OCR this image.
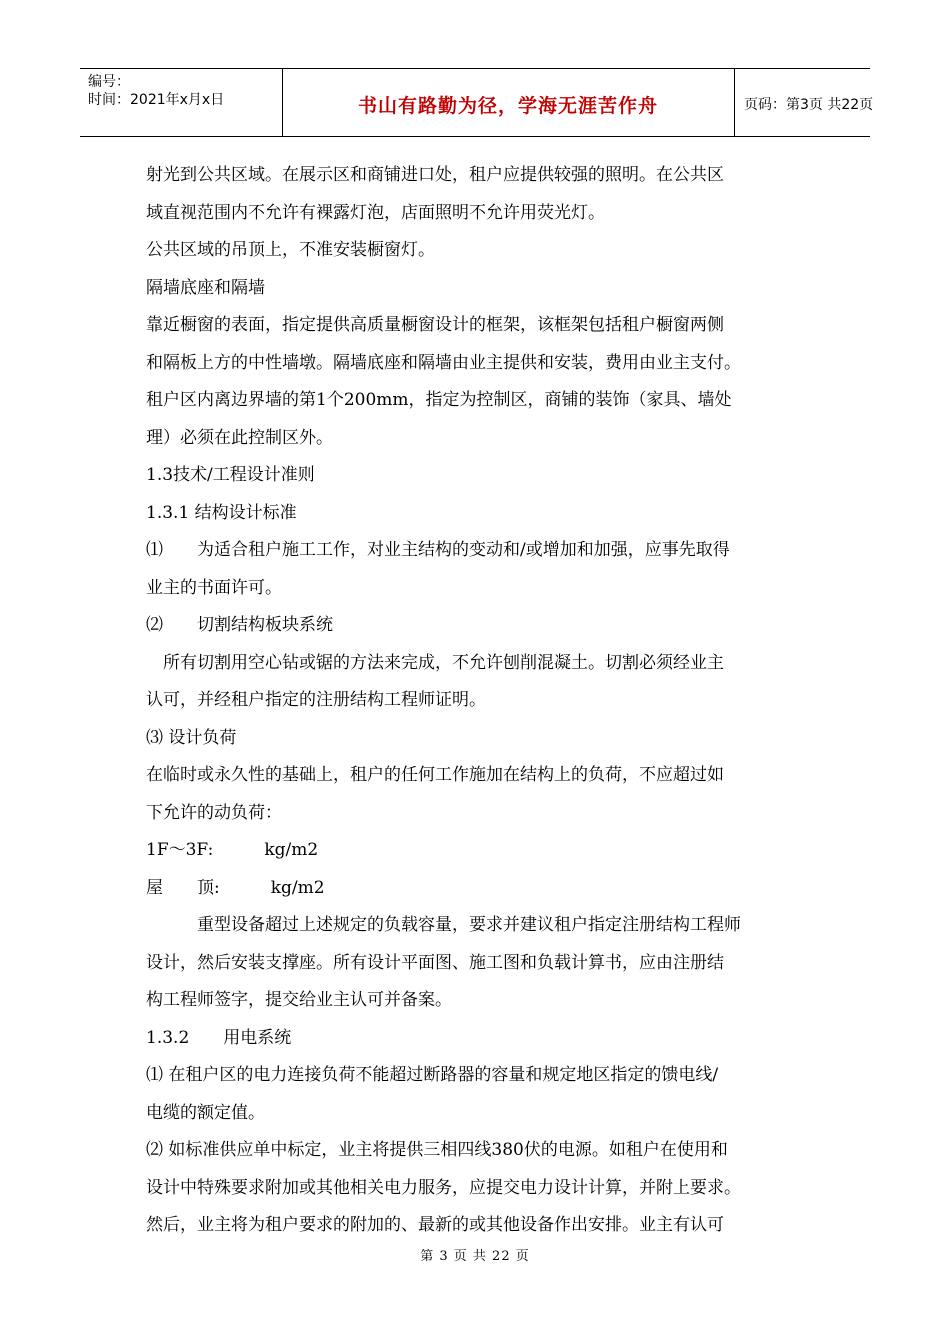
编号：
时间：2021年x月x日	书山有路勤为径，学海无涯苦作舟	页码：第3页 共22页
射光到公共区域。在展示区和商铺进口处，租户应提供较强的照明。在公共区
域直视范围内不允许有裸露灯泡，店面照明不允许用荧光灯。
公共区域的吊顶上，不准安装橱窗灯。
隔墙底座和隔墙
靠近橱窗的表面，指定提供高质量橱窗设计的框架，该框架包括租户橱窗两侧
和隔板上方的中性墙墩。隔墙底座和隔墙由业主提供和安装，费用由业主支付。
租户区内离边界墙的第1个200mm，指定为控制区，商铺的装饰（家具、墙处
理）必须在此控制区外。
1.3技术/工程设计准则
1.3.1 结构设计标准
⑴　　为适合租户施工工作，对业主结构的变动和/或增加和加强，应事先取得
业主的书面许可。
⑵　　切割结构板块系统
　所有切割用空心钻或锯的方法来完成，不允许刨削混凝土。切割必须经业主
认可，并经租户指定的注册结构工程师证明。
⑶ 设计负荷
在临时或永久性的基础上，租户的任何工作施加在结构上的负荷，不应超过如
下允许的动负荷：
1F～3F:　　　kg/m2
屋　　顶:　　　kg/m2
　　　重型设备超过上述规定的负载容量，要求并建议租户指定注册结构工程师
设计，然后安装支撑座。所有设计平面图、施工图和负载计算书，应由注册结
构工程师签字，提交给业主认可并备案。
1.3.2　　用电系统
⑴ 在租户区的电力连接负荷不能超过断路器的容量和规定地区指定的馈电线/
电缆的额定值。
⑵ 如标准供应单中标定，业主将提供三相四线380伏的电源。如租户在使用和
设计中特殊要求附加或其他相关电力服务，应提交电力设计计算，并附上要求。
然后，业主将为租户要求的附加的、最新的或其他设备作出安排。业主有认可
第 3 页 共 22 页
